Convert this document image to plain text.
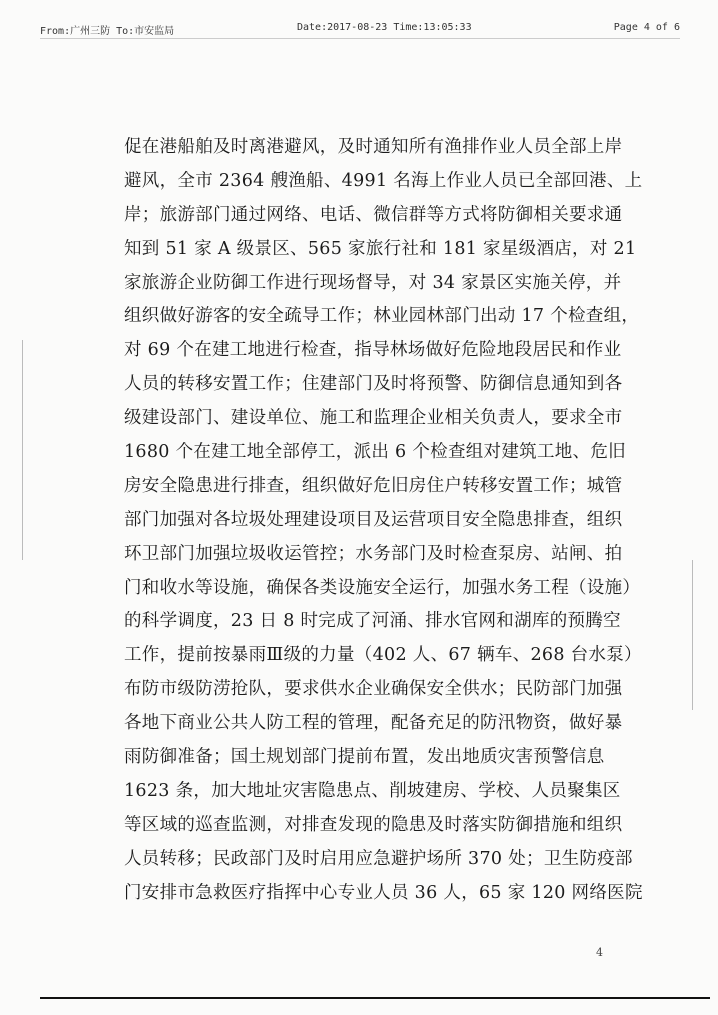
From:广州三防 To:市安监局	Date:2017-08-23 Time:13:05:33	Page 4 of 6
促在港船舶及时离港避风，及时通知所有渔排作业人员全部上岸
避风，全市 2364 艘渔船、4991 名海上作业人员已全部回港、上
岸；旅游部门通过网络、电话、微信群等方式将防御相关要求通
知到 51 家 A 级景区、565 家旅行社和 181 家星级酒店，对 21
家旅游企业防御工作进行现场督导，对 34 家景区实施关停，并
组织做好游客的安全疏导工作；林业园林部门出动 17 个检查组，
对 69 个在建工地进行检查，指导林场做好危险地段居民和作业
人员的转移安置工作；住建部门及时将预警、防御信息通知到各
级建设部门、建设单位、施工和监理企业相关负责人，要求全市
1680 个在建工地全部停工，派出 6 个检查组对建筑工地、危旧
房安全隐患进行排查，组织做好危旧房住户转移安置工作；城管
部门加强对各垃圾处理建设项目及运营项目安全隐患排查，组织
环卫部门加强垃圾收运管控；水务部门及时检查泵房、站闸、拍
门和收水等设施，确保各类设施安全运行，加强水务工程（设施）
的科学调度，23 日 8 时完成了河涌、排水官网和湖库的预腾空
工作，提前按暴雨Ⅲ级的力量（402 人、67 辆车、268 台水泵）
布防市级防涝抢队，要求供水企业确保安全供水；民防部门加强
各地下商业公共人防工程的管理，配备充足的防汛物资，做好暴
雨防御准备；国土规划部门提前布置，发出地质灾害预警信息
1623 条，加大地址灾害隐患点、削坡建房、学校、人员聚集区
等区域的巡查监测，对排查发现的隐患及时落实防御措施和组织
人员转移；民政部门及时启用应急避护场所 370 处；卫生防疫部
门安排市急救医疗指挥中心专业人员 36 人，65 家 120 网络医院
4
